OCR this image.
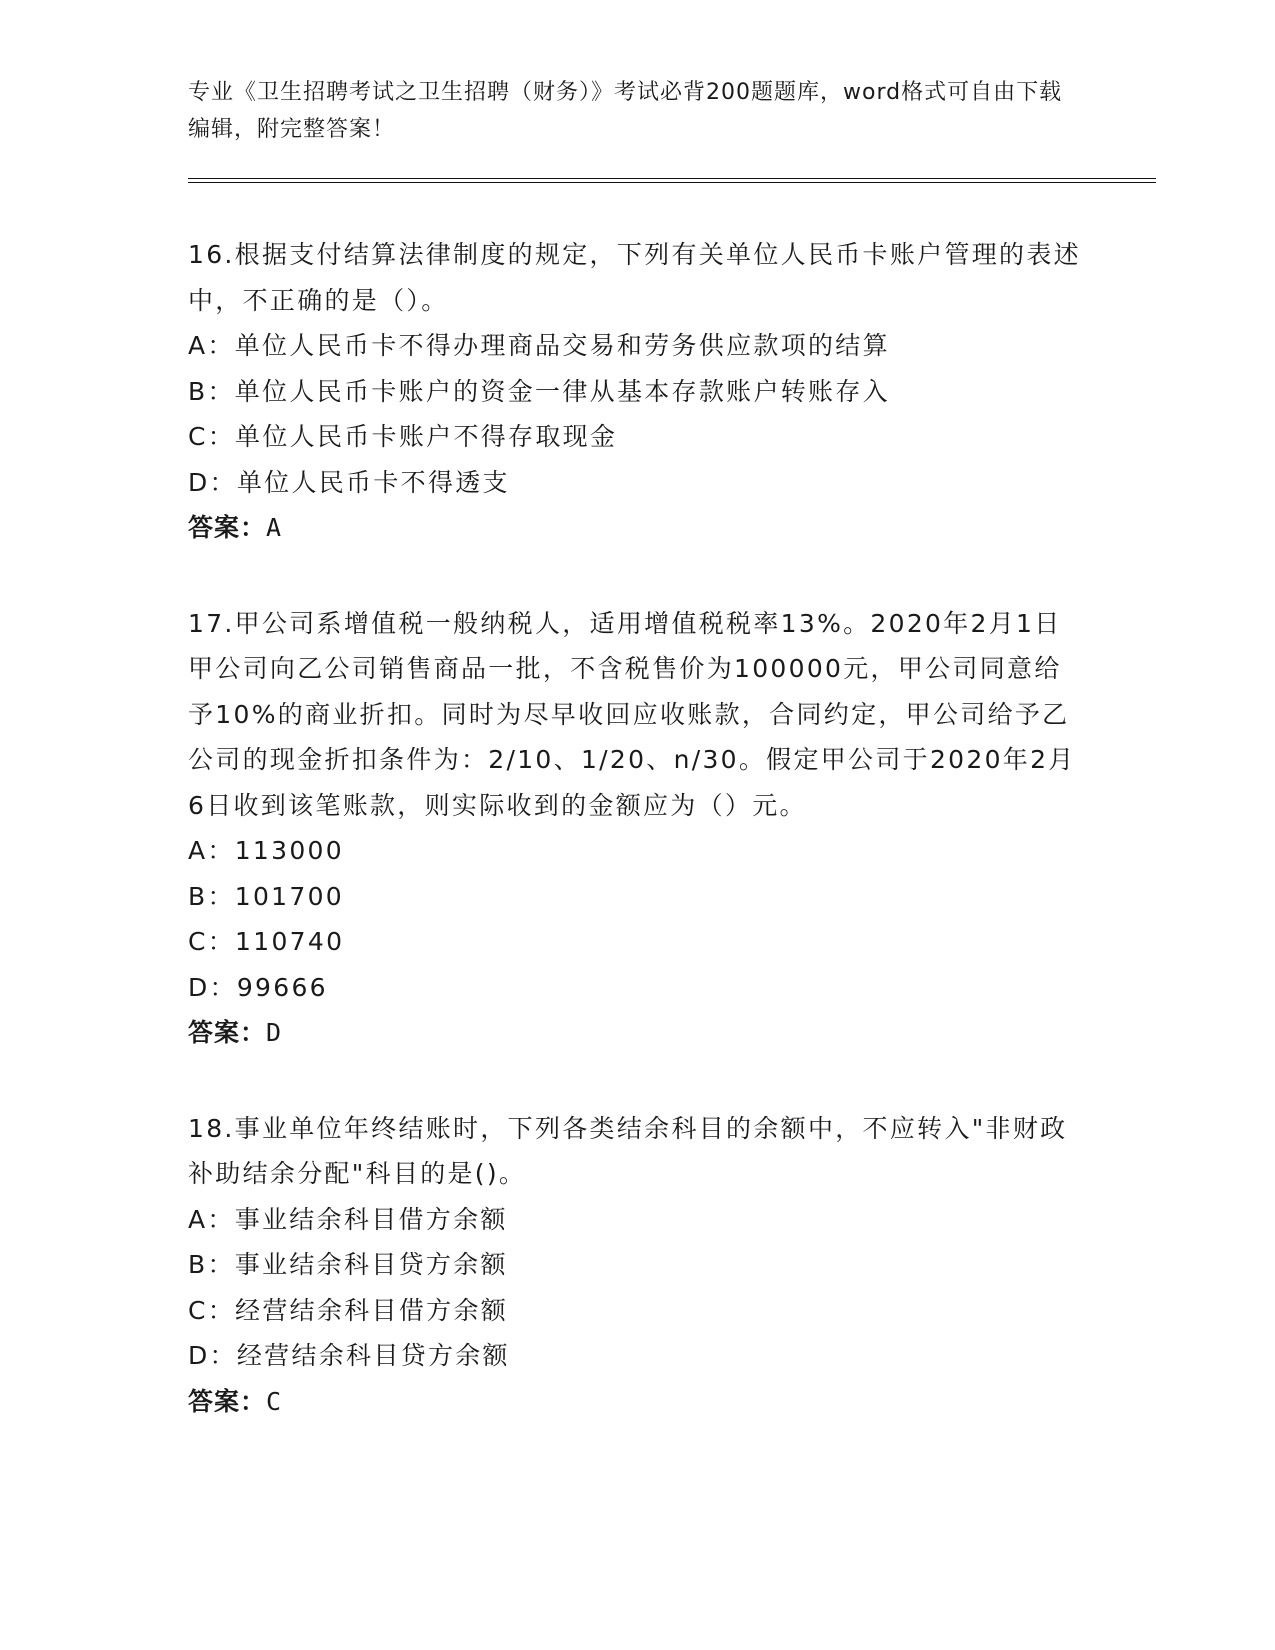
专业《卫生招聘考试之卫生招聘（财务）》考试必背200题题库，word格式可自由下载编辑，附完整答案！

16.根据支付结算法律制度的规定，下列有关单位人民币卡账户管理的表述中，不正确的是（）。

A：单位人民币卡不得办理商品交易和劳务供应款项的结算
B：单位人民币卡账户的资金一律从基本存款账户转账存入
C：单位人民币卡账户不得存取现金
D：单位人民币卡不得透支
答案：A

17.甲公司系增值税一般纳税人，适用增值税税率13%。2020年2月1日甲公司向乙公司销售商品一批，不含税售价为100000元，甲公司同意给予10%的商业折扣。同时为尽早收回应收账款，合同约定，甲公司给予乙公司的现金折扣条件为：2/10、1/20、n/30。假定甲公司于2020年2月6日收到该笔账款，则实际收到的金额应为（）元。

A：113000
B：101700
C：110740
D：99666
答案：D

18.事业单位年终结账时，下列各类结余科目的余额中，不应转入"非财政补助结余分配"科目的是()。

A：事业结余科目借方余额
B：事业结余科目贷方余额
C：经营结余科目借方余额
D：经营结余科目贷方余额
答案：C
